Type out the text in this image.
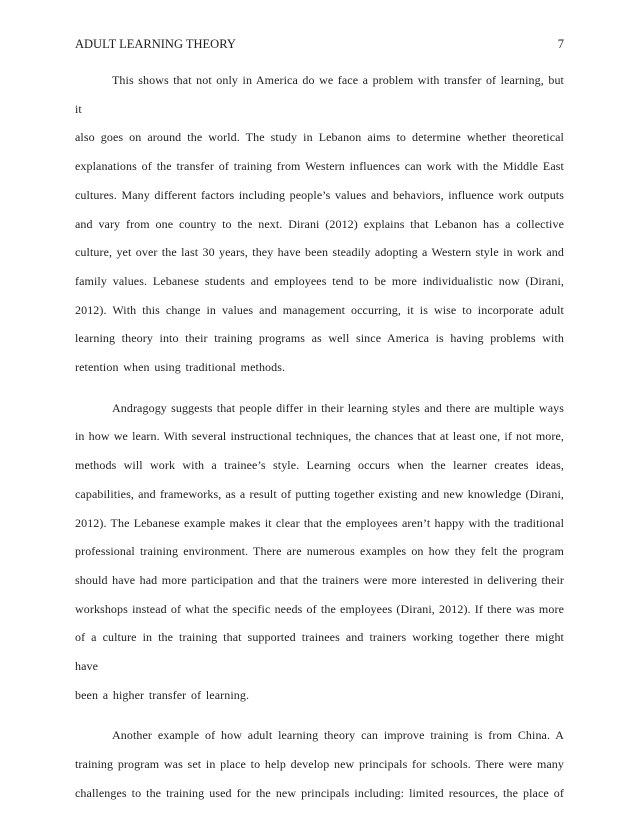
ADULT LEARNING THEORY	7
This shows that not only in America do we face a problem with transfer of learning, but it
also goes on around the world. The study in Lebanon aims to determine whether theoretical
explanations of the transfer of training from Western influences can work with the Middle East
cultures. Many different factors including people’s values and behaviors, influence work outputs
and vary from one country to the next. Dirani (2012) explains that Lebanon has a collective
culture, yet over the last 30 years, they have been steadily adopting a Western style in work and
family values. Lebanese students and employees tend to be more individualistic now (Dirani,
2012). With this change in values and management occurring, it is wise to incorporate adult
learning theory into their training programs as well since America is having problems with
retention when using traditional methods.
Andragogy suggests that people differ in their learning styles and there are multiple ways
in how we learn. With several instructional techniques, the chances that at least one, if not more,
methods will work with a trainee’s style. Learning occurs when the learner creates ideas,
capabilities, and frameworks, as a result of putting together existing and new knowledge (Dirani,
2012). The Lebanese example makes it clear that the employees aren’t happy with the traditional
professional training environment. There are numerous examples on how they felt the program
should have had more participation and that the trainers were more interested in delivering their
workshops instead of what the specific needs of the employees (Dirani, 2012). If there was more
of a culture in the training that supported trainees and trainers working together there might have
been a higher transfer of learning.
Another example of how adult learning theory can improve training is from China. A
training program was set in place to help develop new principals for schools. There were many
challenges to the training used for the new principals including: limited resources, the place of
